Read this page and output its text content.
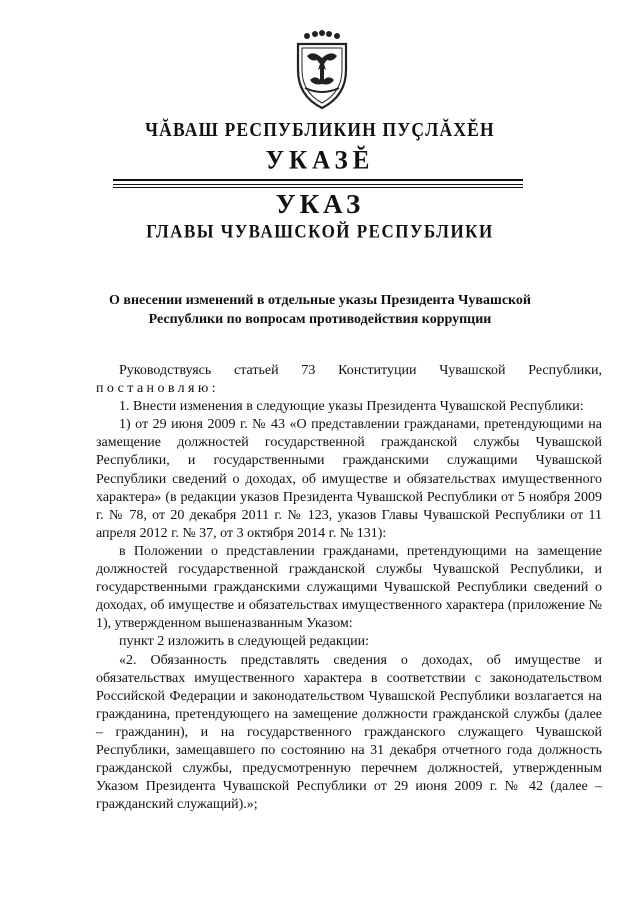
ЧĂВАШ РЕСПУБЛИКИН ПУҪЛĂХĔН
УКАЗĔ
УКАЗ
ГЛАВЫ ЧУВАШСКОЙ РЕСПУБЛИКИ
О внесении изменений в отдельные указы Президента Чувашской
Республики по вопросам противодействия коррупции

Руководствуясь статьей 73 Конституции Чувашской Республики,

постановляю:

1. Внести изменения в следующие указы Президента Чувашской Республики:

1) от 29 июня 2009 г. № 43 «О представлении гражданами, претендующими на замещение должностей государственной гражданской службы Чувашской Республики, и государственными гражданскими служащими Чувашской Республики сведений о доходах, об имуществе и обязательствах имущественного характера» (в редакции указов Президента Чувашской Республики от 5 ноября 2009 г. № 78, от 20 декабря 2011 г. № 123, указов Главы Чувашской Республики от 11 апреля 2012 г. № 37, от 3 октября 2014 г. № 131):

в Положении о представлении гражданами, претендующими на замещение должностей государственной гражданской службы Чувашской Республики, и государственными гражданскими служащими Чувашской Республики сведений о доходах, об имуществе и обязательствах имущественного характера (приложение № 1), утвержденном вышеназванным Указом:

пункт 2 изложить в следующей редакции:

«2. Обязанность представлять сведения о доходах, об имуществе и обязательствах имущественного характера в соответствии с законодательством Российской Федерации и законодательством Чувашской Республики возлагается на гражданина, претендующего на замещение должности гражданской службы (далее – гражданин), и на государственного гражданского служащего Чувашской Республики, замещавшего по состоянию на 31 декабря отчетного года должность гражданской службы, предусмотренную перечнем должностей, утвержденным Указом Президента Чувашской Республики от 29 июня 2009 г. № 42 (далее – гражданский служащий).»;
